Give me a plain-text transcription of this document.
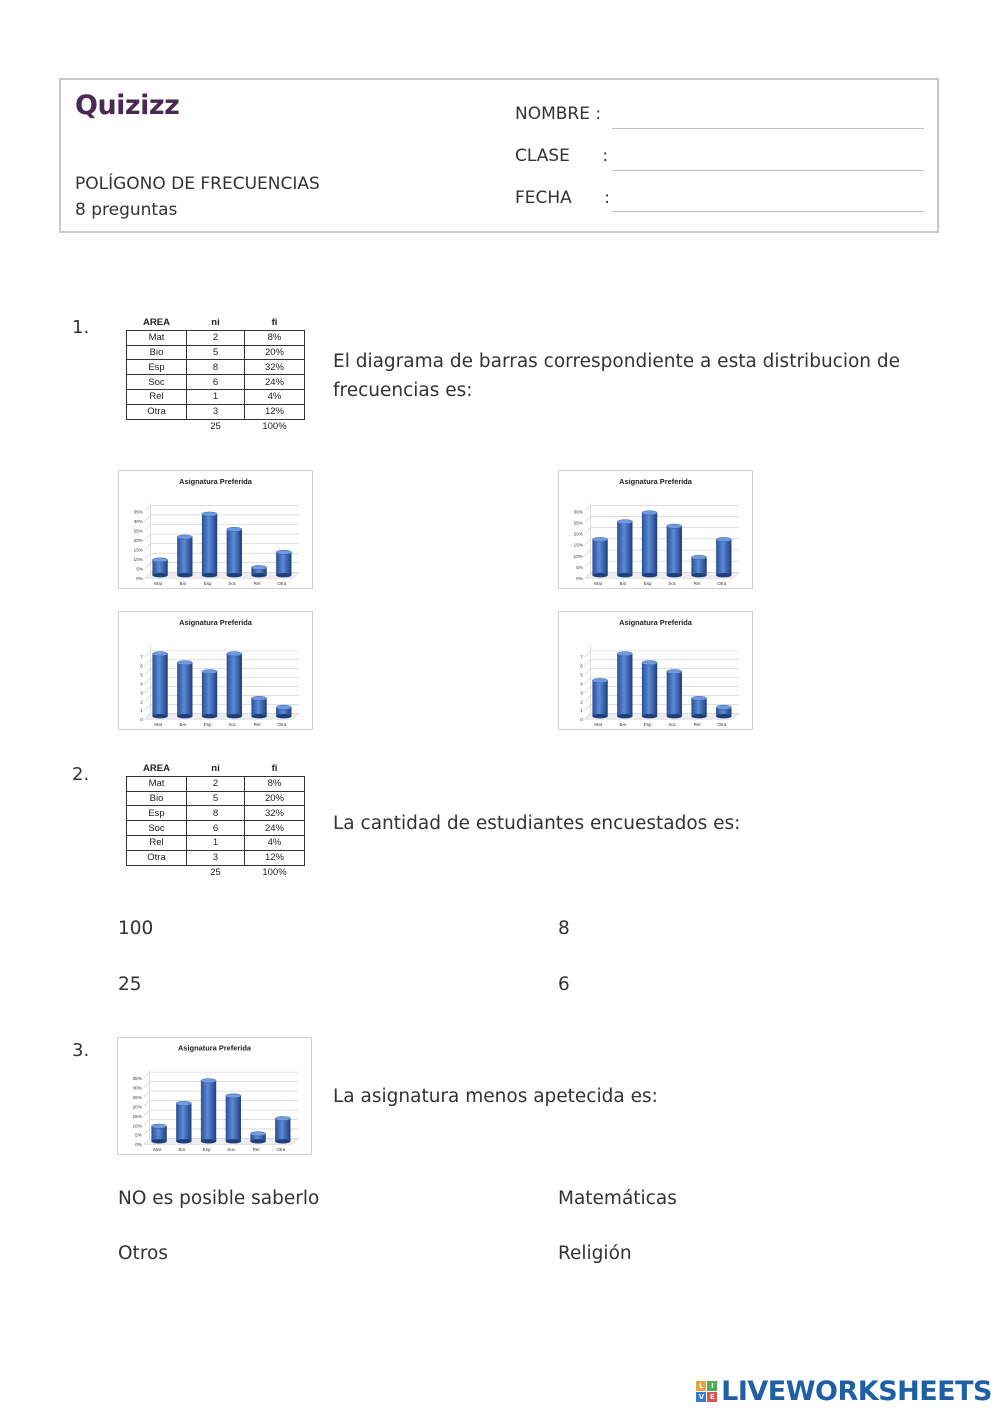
Quizizz
POLÍGONO DE FRECUENCIAS
8 preguntas
NOMBRE :
CLASE      :
FECHA      :
1.	AREA	ni	fi
Mat	2	8%
Bio	5	20%
Esp	8	32%
Soc	6	24%
Rel	1	4%
Otra	3	12%
	25	100%
El diagrama de barras correspondiente a esta distribucion de frecuencias es:
Asignatura Preferida
0%
5%
10%
15%
20%
25%
30%
35%
Mat	Bio	Esp	Soc	Rel	Otra
Asignatura Preferida
0%
5%
10%
15%
20%
25%
30%
Mat	Bio	Esp	Soc	Rel	Otra
Asignatura Preferida
0
1
2
3
4
5
6
7
Mat	Bio	Esp	Soc	Rel	Otra
Asignatura Preferida
0
1
2
3
4
5
6
7
Mat	Bio	Esp	Soc	Rel	Otra
2.	AREA	ni	fi
Mat	2	8%
Bio	5	20%
Esp	8	32%
Soc	6	24%
Rel	1	4%
Otra	3	12%
	25	100%
La cantidad de estudiantes encuestados es:
100	8
25	6
3.	Asignatura Preferida
0%
5%
10%
15%
20%
25%
30%
35%
Mat	Bio	Esp	Soc	Rel	Otra
La asignatura menos apetecida es:
NO es posible saberlo	Matemáticas
Otros	Religión
L	I
V E LIVEWORKSHEETS
